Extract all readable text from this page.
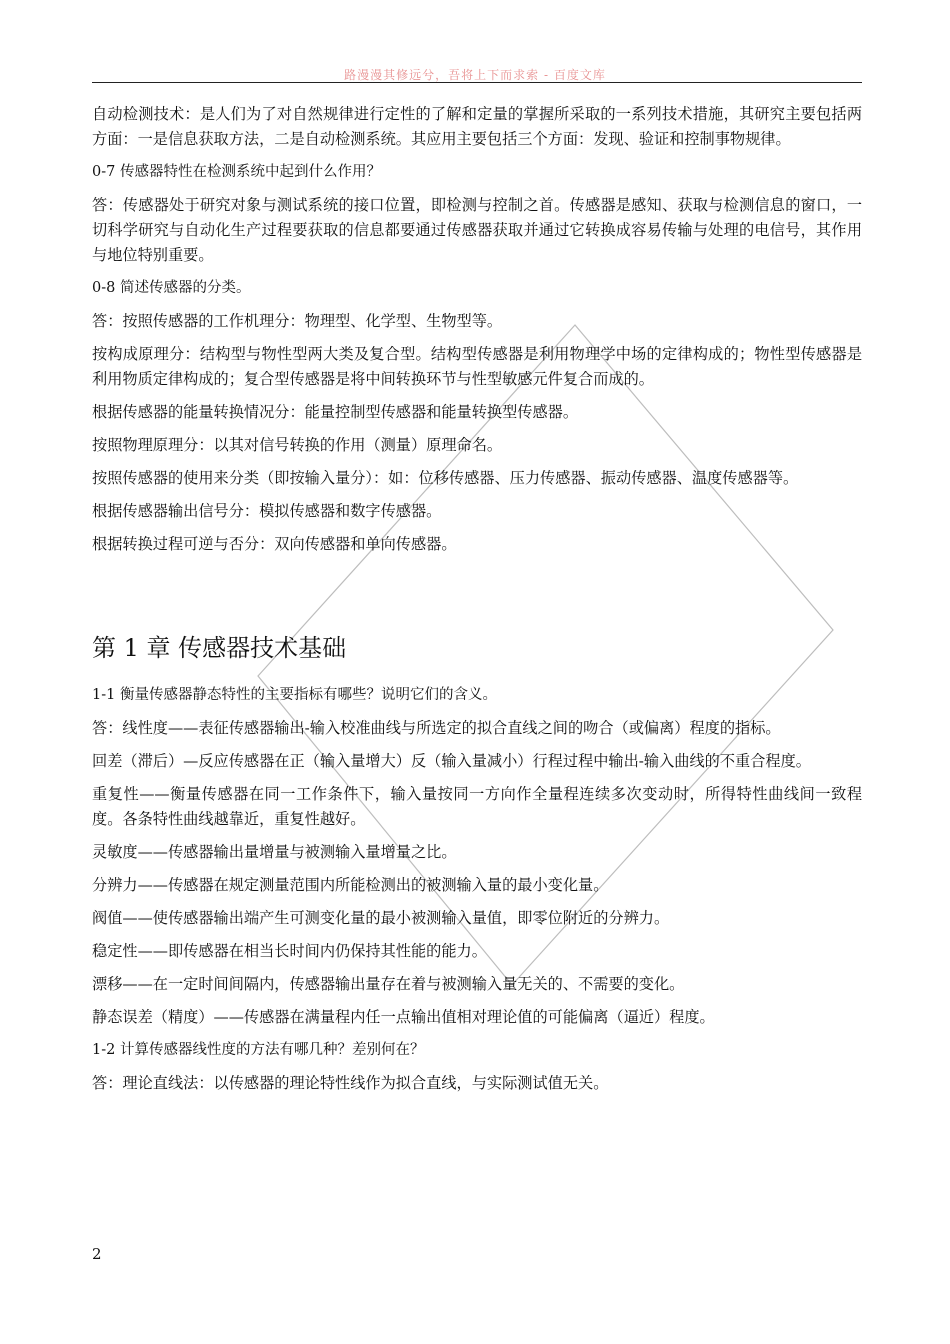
路漫漫其修远兮，吾将上下而求索 - 百度文库

自动检测技术：是人们为了对自然规律进行定性的了解和定量的掌握所采取的一系列技术措施，其研究主要包括两方面：一是信息获取方法，二是自动检测系统。其应用主要包括三个方面：发现、验证和控制事物规律。

0-7 传感器特性在检测系统中起到什么作用？

答：传感器处于研究对象与测试系统的接口位置，即检测与控制之首。传感器是感知、获取与检测信息的窗口，一切科学研究与自动化生产过程要获取的信息都要通过传感器获取并通过它转换成容易传输与处理的电信号，其作用与地位特别重要。

0-8 简述传感器的分类。

答：按照传感器的工作机理分：物理型、化学型、生物型等。

按构成原理分：结构型与物性型两大类及复合型。结构型传感器是利用物理学中场的定律构成的；物性型传感器是利用物质定律构成的；复合型传感器是将中间转换环节与性型敏感元件复合而成的。

根据传感器的能量转换情况分：能量控制型传感器和能量转换型传感器。

按照物理原理分：以其对信号转换的作用（测量）原理命名。

按照传感器的使用来分类（即按输入量分）：如：位移传感器、压力传感器、振动传感器、温度传感器等。

根据传感器输出信号分：模拟传感器和数字传感器。

根据转换过程可逆与否分：双向传感器和单向传感器。

第 1 章 传感器技术基础

1-1 衡量传感器静态特性的主要指标有哪些？说明它们的含义。

答：线性度——表征传感器输出-输入校准曲线与所选定的拟合直线之间的吻合（或偏离）程度的指标。

回差（滞后）—反应传感器在正（输入量增大）反（输入量减小）行程过程中输出-输入曲线的不重合程度。

重复性——衡量传感器在同一工作条件下，输入量按同一方向作全量程连续多次变动时，所得特性曲线间一致程度。各条特性曲线越靠近，重复性越好。

灵敏度——传感器输出量增量与被测输入量增量之比。

分辨力——传感器在规定测量范围内所能检测出的被测输入量的最小变化量。

阀值——使传感器输出端产生可测变化量的最小被测输入量值，即零位附近的分辨力。

稳定性——即传感器在相当长时间内仍保持其性能的能力。

漂移——在一定时间间隔内，传感器输出量存在着与被测输入量无关的、不需要的变化。

静态误差（精度）——传感器在满量程内任一点输出值相对理论值的可能偏离（逼近）程度。

1-2 计算传感器线性度的方法有哪几种？差别何在？

答：理论直线法：以传感器的理论特性线作为拟合直线，与实际测试值无关。

2
